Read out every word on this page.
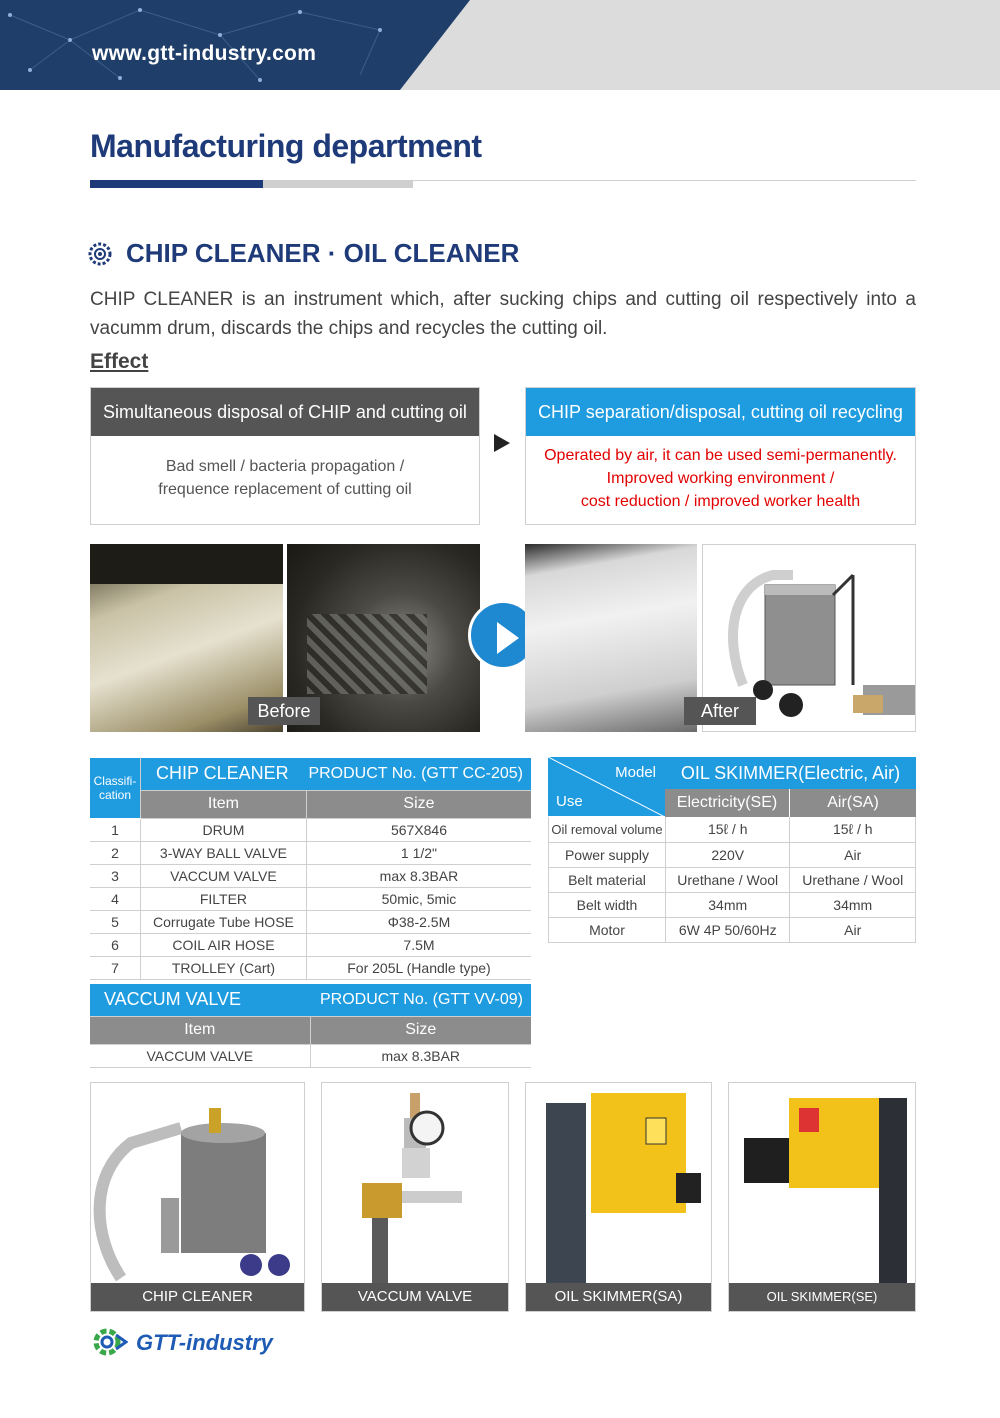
www.gtt-industry.com
Manufacturing department
CHIP CLEANER · OIL CLEANER
CHIP CLEANER is an instrument which, after sucking chips and cutting oil respectively into a vacumm drum, discards the chips and recycles the cutting oil.
Effect
Simultaneous disposal of CHIP and cutting oil
Bad smell / bacteria propagation /
frequence replacement of cutting oil
CHIP separation/disposal, cutting oil recycling
Operated by air, it can be used semi-permanently.
Improved working environment /
cost reduction / improved worker health
Before	After
Classifi-cation	CHIP CLEANER	PRODUCT No. (GTT CC-205)
	Item	Size
1	DRUM	567X846
2	3-WAY BALL VALVE	1 1/2"
3	VACCUM VALVE	max 8.3BAR
4	FILTER	50mic, 5mic
5	Corrugate Tube HOSE	Φ38-2.5M
6	COIL AIR HOSE	7.5M
7	TROLLEY (Cart)	For 205L (Handle type)
VACCUM VALVE	PRODUCT No. (GTT VV-09)
Item	Size
VACCUM VALVE	max 8.3BAR
Model
Use
OIL SKIMMER(Electric, Air)
Electricity(SE)	Air(SA)
Oil removal volume	15ℓ / h	15ℓ / h
Power supply	220V	Air
Belt material	Urethane / Wool	Urethane / Wool
Belt width	34mm	34mm
Motor	6W 4P 50/60Hz	Air
CHIP CLEANER	VACCUM VALVE	OIL SKIMMER(SA)	OIL SKIMMER(SE)
GTT-industry
